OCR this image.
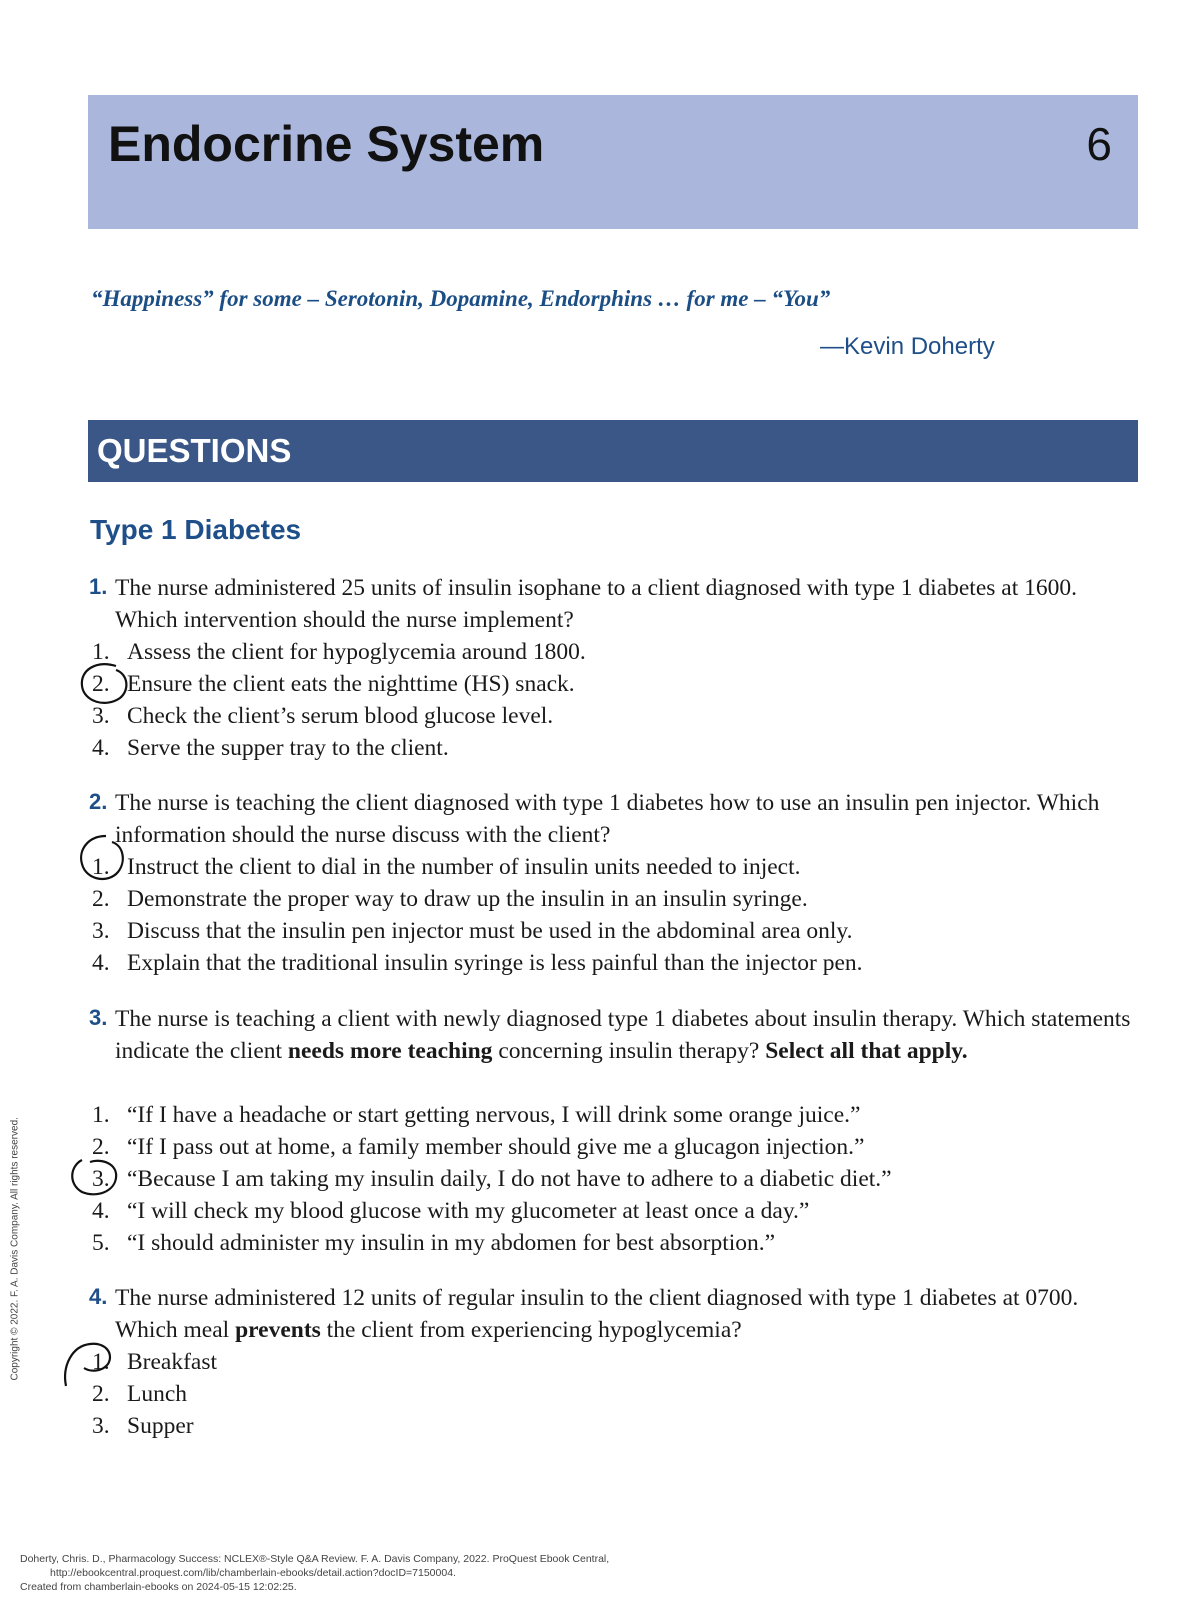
Endocrine System	6
“Happiness” for some – Serotonin, Dopamine, Endorphins … for me – “You”
—Kevin Doherty
QUESTIONS
Type 1 Diabetes
1. The nurse administered 25 units of insulin isophane to a client diagnosed with type 1 diabetes at 1600. Which intervention should the nurse implement?
1. Assess the client for hypoglycemia around 1800.
2. Ensure the client eats the nighttime (HS) snack.
3. Check the client’s serum blood glucose level.
4. Serve the supper tray to the client.
2. The nurse is teaching the client diagnosed with type 1 diabetes how to use an insulin pen injector. Which information should the nurse discuss with the client?
1. Instruct the client to dial in the number of insulin units needed to inject.
2. Demonstrate the proper way to draw up the insulin in an insulin syringe.
3. Discuss that the insulin pen injector must be used in the abdominal area only.
4. Explain that the traditional insulin syringe is less painful than the injector pen.
3. The nurse is teaching a client with newly diagnosed type 1 diabetes about insulin therapy. Which statements indicate the client needs more teaching concerning insulin therapy? Select all that apply.
1. “If I have a headache or start getting nervous, I will drink some orange juice.”
2. “If I pass out at home, a family member should give me a glucagon injection.”
3. “Because I am taking my insulin daily, I do not have to adhere to a diabetic diet.”
4. “I will check my blood glucose with my glucometer at least once a day.”
5. “I should administer my insulin in my abdomen for best absorption.”
4. The nurse administered 12 units of regular insulin to the client diagnosed with type 1 diabetes at 0700. Which meal prevents the client from experiencing hypoglycemia?
1. Breakfast
2. Lunch
3. Supper
Copyright © 2022. F. A. Davis Company. All rights reserved.
Doherty, Chris. D., Pharmacology Success: NCLEX®-Style Q&A Review. F. A. Davis Company, 2022. ProQuest Ebook Central,
http://ebookcentral.proquest.com/lib/chamberlain-ebooks/detail.action?docID=7150004.
Created from chamberlain-ebooks on 2024-05-15 12:02:25.
